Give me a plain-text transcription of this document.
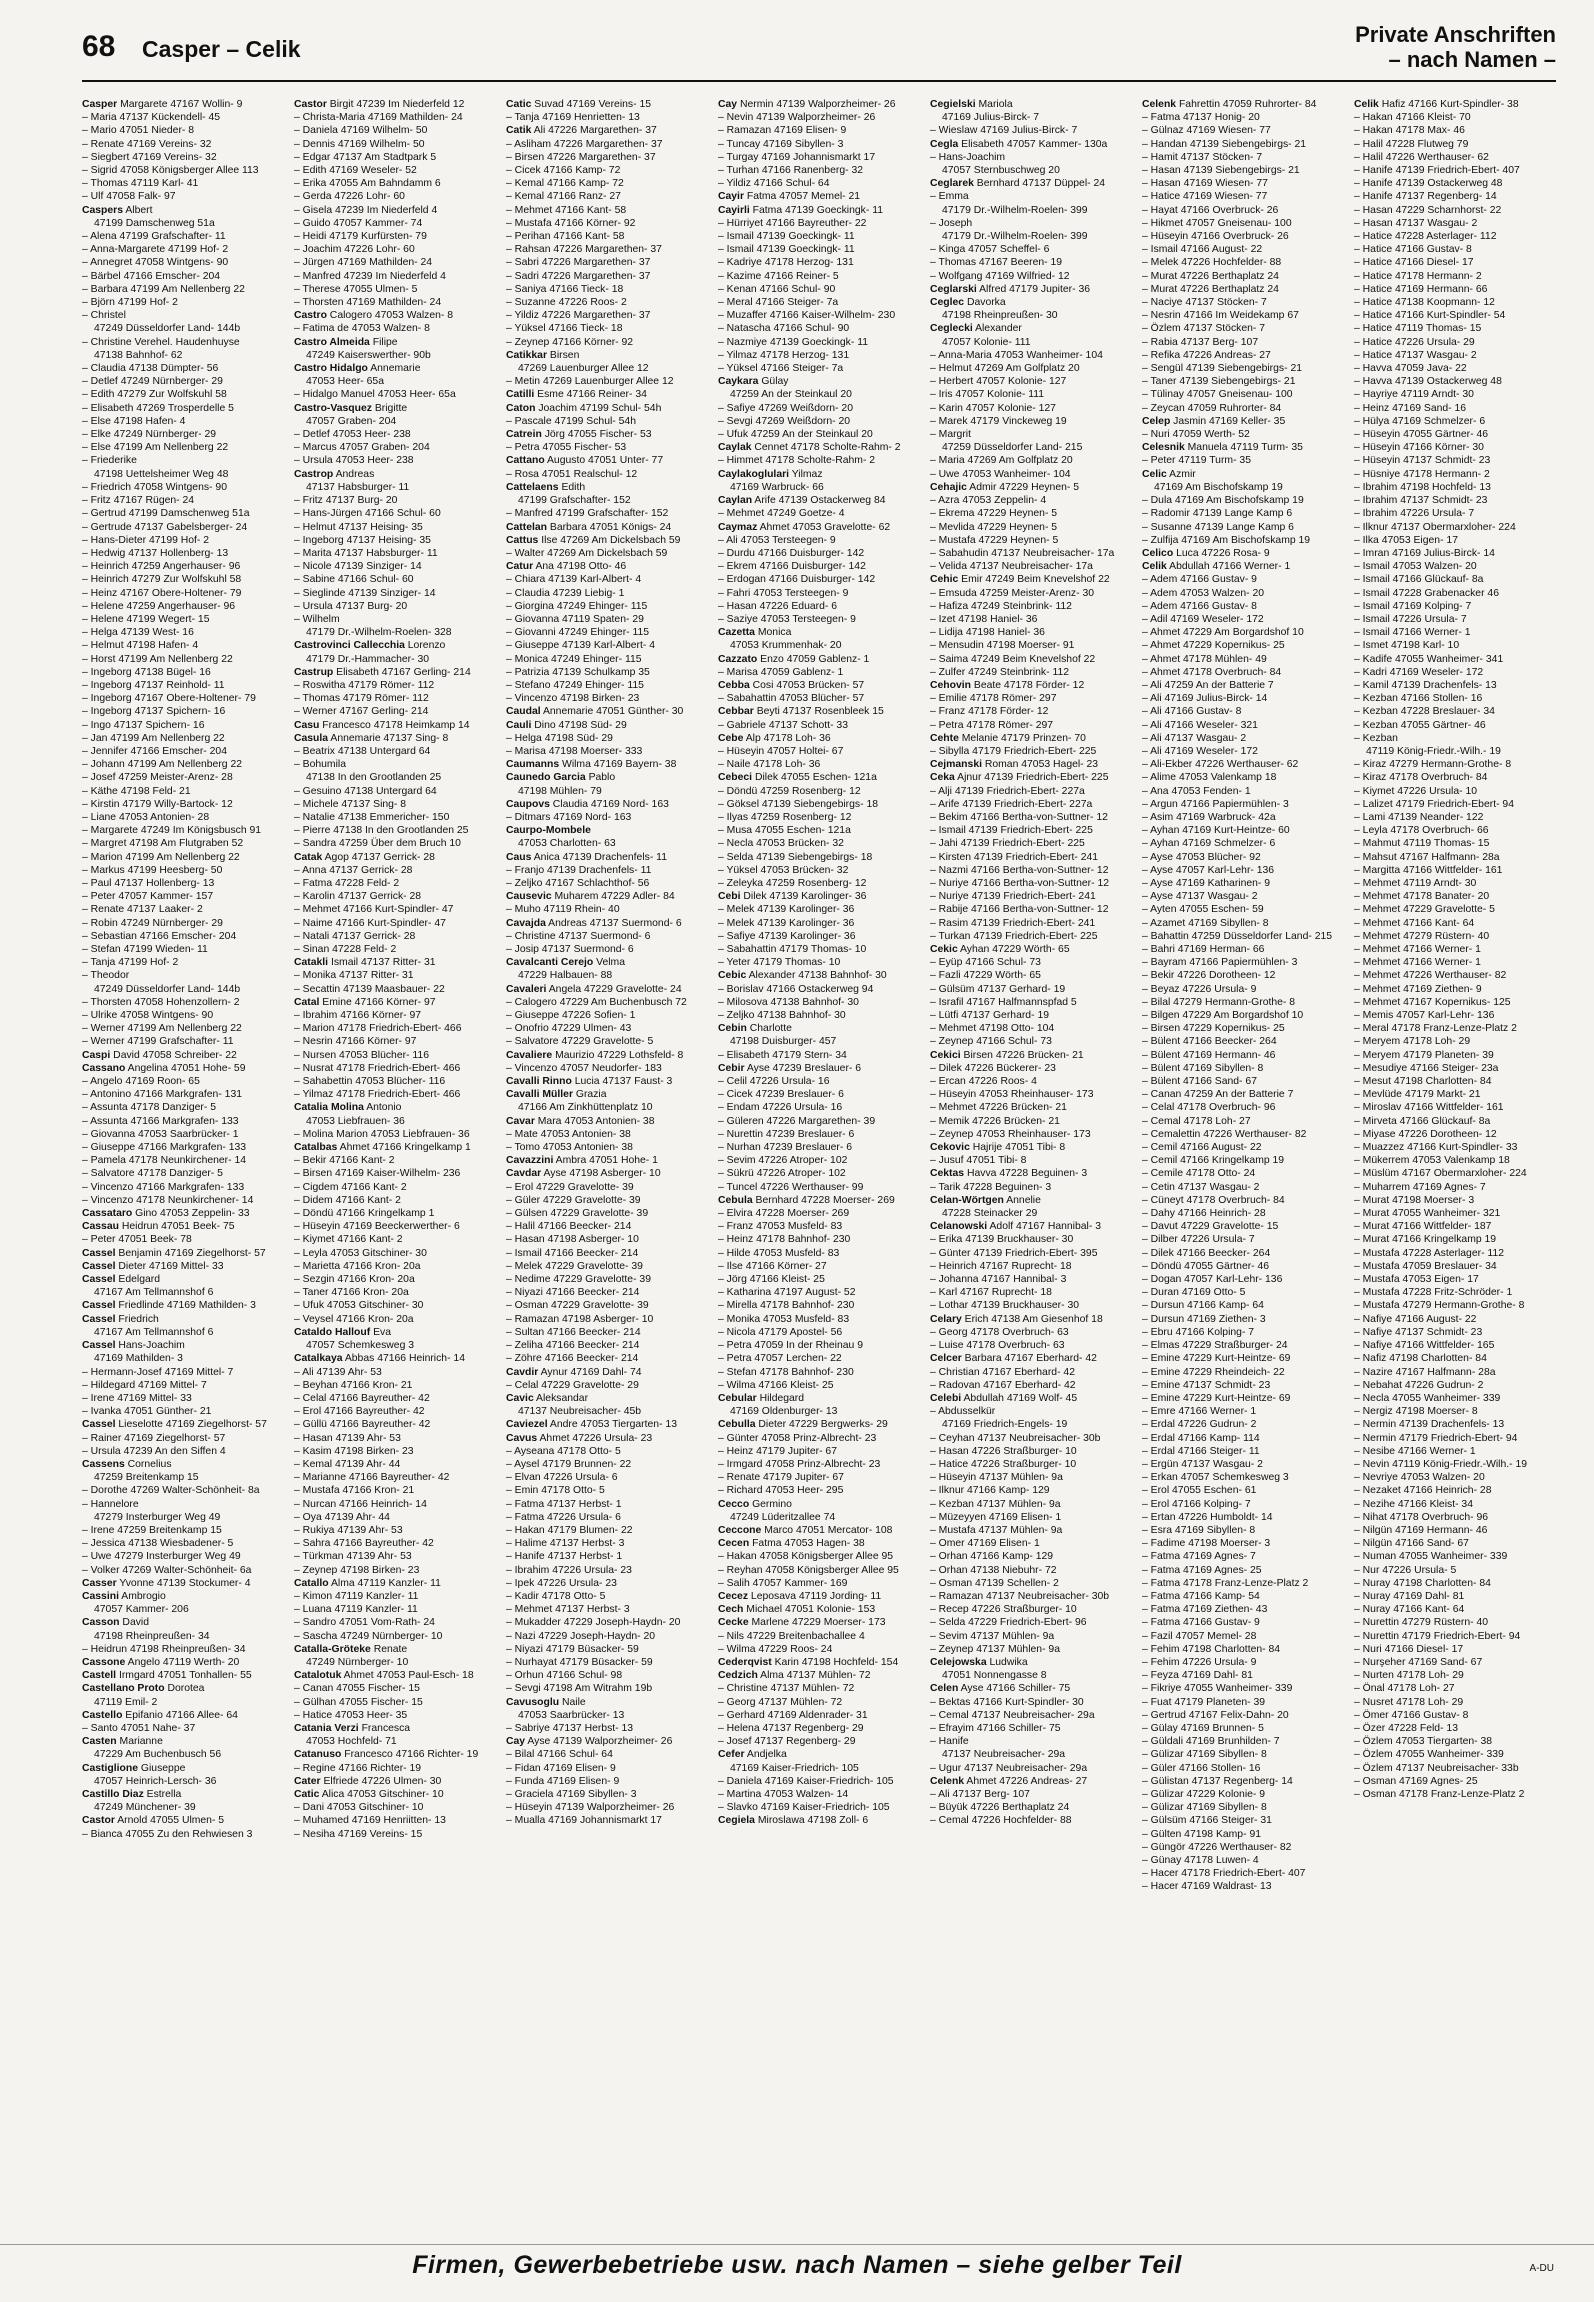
68 Casper – Celik
Private Anschriften
– nach Namen –
Casper Margarete 47167 Wollin- 9
– Maria 47137 Kückendell- 45
– Mario 47051 Nieder- 8
– Renate 47169 Vereins- 32
– Siegbert 47169 Vereins- 32
– Sigrid 47058 Königsberger Allee 113
– Thomas 47119 Karl- 41
– Ulf 47058 Falk- 97
Caspers Albert
47199 Damschenweg 51a
– Alena 47199 Grafschafter- 11
– Anna-Margarete 47199 Hof- 2
– Annegret 47058 Wintgens- 90
– Bärbel 47166 Emscher- 204
– Barbara 47199 Am Nellenberg 22
– Björn 47199 Hof- 2
– Christel
47249 Düsseldorfer Land- 144b
– Christine Verehel. Haudenhuyse
47138 Bahnhof- 62
– Claudia 47138 Dümpter- 56
– Detlef 47249 Nürnberger- 29
– Edith 47279 Zur Wolfskuhl 58
– Elisabeth 47269 Trosperdelle 5
– Else 47198 Hafen- 4
– Elke 47249 Nürnberger- 29
– Else 47199 Am Nellenberg 22
– Friederike
47198 Uettelsheimer Weg 48
– Friedrich 47058 Wintgens- 90
– Fritz 47167 Rügen- 24
– Gertrud 47199 Damschenweg 51a
– Gertrude 47137 Gabelsberger- 24
– Hans-Dieter 47199 Hof- 2
– Hedwig 47137 Hollenberg- 13
– Heinrich 47259 Angerhauser- 96
– Heinrich 47279 Zur Wolfskuhl 58
– Heinz 47167 Obere-Holtener- 79
– Helene 47259 Angerhauser- 96
– Helene 47199 Wegert- 15
– Helga 47139 West- 16
– Helmut 47198 Hafen- 4
– Horst 47199 Am Nellenberg 22
– Ingeborg 47138 Bügel- 16
– Ingeborg 47137 Reinhold- 11
– Ingeborg 47167 Obere-Holtener- 79
– Ingeborg 47137 Spichern- 16
– Ingo 47137 Spichern- 16
– Jan 47199 Am Nellenberg 22
– Jennifer 47166 Emscher- 204
– Johann 47199 Am Nellenberg 22
– Josef 47259 Meister-Arenz- 28
– Käthe 47198 Feld- 21
– Kirstin 47179 Willy-Bartock- 12
– Liane 47053 Antonien- 28
– Margarete 47249 Im Königsbusch 91
– Margret 47198 Am Flutgraben 52
– Marion 47199 Am Nellenberg 22
– Markus 47199 Heesberg- 50
– Paul 47137 Hollenberg- 13
– Peter 47057 Kammer- 157
– Renate 47137 Laaker- 2
– Robin 47249 Nürnberger- 29
– Sebastian 47166 Emscher- 204
– Stefan 47199 Wieden- 11
– Tanja 47199 Hof- 2
– Theodor
47249 Düsseldorfer Land- 144b
– Thorsten 47058 Hohenzollern- 2
– Ulrike 47058 Wintgens- 90
– Werner 47199 Am Nellenberg 22
– Werner 47199 Grafschafter- 11
Caspi David 47058 Schreiber- 22
Cassano Angelina 47051 Hohe- 59
– Angelo 47169 Roon- 65
– Antonino 47166 Markgrafen- 131
– Assunta 47178 Danziger- 5
– Assunta 47166 Markgrafen- 133
– Giovanna 47053 Saarbrücker- 1
– Giuseppe 47166 Markgrafen- 133
– Pamela 47178 Neunkirchener- 14
– Salvatore 47178 Danziger- 5
– Vincenzo 47166 Markgrafen- 133
– Vincenzo 47178 Neunkirchener- 14
Cassataro Gino 47053 Zeppelin- 33
Cassau Heidrun 47051 Beek- 75
– Peter 47051 Beek- 78
Cassel Benjamin 47169 Ziegelhorst- 57
Cassel Dieter 47169 Mittel- 33
Cassel Edelgard
47167 Am Tellmannshof 6
Cassel Friedlinde 47169 Mathilden- 3
Cassel Friedrich
47167 Am Tellmannshof 6
Cassel Hans-Joachim
47169 Mathilden- 3
– Hermann-Josef 47169 Mittel- 7
– Hildegard 47169 Mittel- 7
– Irene 47169 Mittel- 33
– Ivanka 47051 Günther- 21
Cassel Lieselotte 47169 Ziegelhorst- 57
– Rainer 47169 Ziegelhorst- 57
– Ursula 47239 An den Siffen 4
Cassens Cornelius
47259 Breitenkamp 15
– Dorothe 47269 Walter-Schönheit- 8a
– Hannelore
47279 Insterburger Weg 49
– Irene 47259 Breitenkamp 15
– Jessica 47138 Wiesbadener- 5
– Uwe 47279 Insterburger Weg 49
– Volker 47269 Walter-Schönheit- 6a
Casser Yvonne 47139 Stockumer- 4
Cassini Ambrogio
47057 Kammer- 206
Casson David
47198 Rheinpreußen- 34
– Heidrun 47198 Rheinpreußen- 34
Cassone Angelo 47119 Werth- 20
Castell Irmgard 47051 Tonhallen- 55
Castellano Proto Dorotea
47119 Emil- 2
Castello Epifanio 47166 Allee- 64
– Santo 47051 Nahe- 37
Casten Marianne
47229 Am Buchenbusch 56
Castiglione Giuseppe
47057 Heinrich-Lersch- 36
Castillo Diaz Estrella
47249 Münchener- 39
Castor Arnold 47055 Ulmen- 5
– Bianca 47055 Zu den Rehwiesen 3
Castor Birgit 47239 Im Niederfeld 12
– Christa-Maria 47169 Mathilden- 24
– Daniela 47169 Wilhelm- 50
– Dennis 47169 Wilhelm- 50
– Edgar 47137 Am Stadtpark 5
– Edith 47169 Weseler- 52
– Erika 47055 Am Bahndamm 6
– Gerda 47226 Lohr- 60
– Gisela 47239 Im Niederfeld 4
– Guido 47057 Kammer- 74
– Heidi 47179 Kurfürsten- 79
– Joachim 47226 Lohr- 60
– Jürgen 47169 Mathilden- 24
– Manfred 47239 Im Niederfeld 4
– Therese 47055 Ulmen- 5
– Thorsten 47169 Mathilden- 24
Castro Calogero 47053 Walzen- 8
– Fatima de 47053 Walzen- 8
Castro Almeida Filipe
47249 Kaiserswerther- 90b
Castro Hidalgo Annemarie
47053 Heer- 65a
– Hidalgo Manuel 47053 Heer- 65a
Castro-Vasquez Brigitte
47057 Graben- 204
– Detlef 47053 Heer- 238
– Marcus 47057 Graben- 204
– Ursula 47053 Heer- 238
Castrop Andreas
47137 Habsburger- 11
– Fritz 47137 Burg- 20
– Hans-Jürgen 47166 Schul- 60
– Helmut 47137 Heising- 35
– Ingeborg 47137 Heising- 35
– Marita 47137 Habsburger- 11
– Nicole 47139 Sinziger- 14
– Sabine 47166 Schul- 60
– Sieglinde 47139 Sinziger- 14
– Ursula 47137 Burg- 20
– Wilhelm
47179 Dr.-Wilhelm-Roelen- 328
Castrovinci Callecchia Lorenzo
47179 Dr.-Hammacher- 30
Castrup Elisabeth 47167 Gerling- 214
– Roswitha 47179 Römer- 112
– Thomas 47179 Römer- 112
– Werner 47167 Gerling- 214
Casu Francesco 47178 Heimkamp 14
Casula Annemarie 47137 Sing- 8
– Beatrix 47138 Untergard 64
– Bohumila
47138 In den Grootlanden 25
– Gesuino 47138 Untergard 64
– Michele 47137 Sing- 8
– Natalie 47138 Emmericher- 150
– Pierre 47138 In den Grootlanden 25
– Sandra 47259 Über dem Bruch 10
Catak Agop 47137 Gerrick- 28
– Anna 47137 Gerrick- 28
– Fatma 47228 Feld- 2
– Karolin 47137 Gerrick- 28
– Mehmet 47166 Kurt-Spindler- 47
– Naime 47166 Kurt-Spindler- 47
– Natali 47137 Gerrick- 28
– Sinan 47228 Feld- 2
Catakli Ismail 47137 Ritter- 31
– Monika 47137 Ritter- 31
– Secattin 47139 Maasbauer- 22
Catal Emine 47166 Körner- 97
– Ibrahim 47166 Körner- 97
– Marion 47178 Friedrich-Ebert- 466
– Nesrin 47166 Körner- 97
– Nursen 47053 Blücher- 116
– Nusrat 47178 Friedrich-Ebert- 466
– Sahabettin 47053 Blücher- 116
– Yilmaz 47178 Friedrich-Ebert- 466
Catalia Molina Antonio
47053 Liebfrauen- 36
– Molina Marion 47053 Liebfrauen- 36
Catalbas Ahmet 47166 Kringelkamp 1
– Bekir 47166 Kant- 2
– Birsen 47169 Kaiser-Wilhelm- 236
– Cigdem 47166 Kant- 2
– Didem 47166 Kant- 2
– Döndü 47166 Kringelkamp 1
– Hüseyin 47169 Beeckerwerther- 6
– Kiymet 47166 Kant- 2
– Leyla 47053 Gitschiner- 30
– Marietta 47166 Kron- 20a
– Sezgin 47166 Kron- 20a
– Taner 47166 Kron- 20a
– Ufuk 47053 Gitschiner- 30
– Veysel 47166 Kron- 20a
Cataldo Hallouf Eva
47057 Schemkesweg 3
Catalkaya Abbas 47166 Heinrich- 14
– Ali 47139 Ahr- 53
– Beyhan 47166 Kron- 21
– Celal 47166 Bayreuther- 42
– Erol 47166 Bayreuther- 42
– Güllü 47166 Bayreuther- 42
– Hasan 47139 Ahr- 53
– Kasim 47198 Birken- 23
– Kemal 47139 Ahr- 44
– Marianne 47166 Bayreuther- 42
– Mustafa 47166 Kron- 21
– Nurcan 47166 Heinrich- 14
– Oya 47139 Ahr- 44
– Rukiya 47139 Ahr- 53
– Sahra 47166 Bayreuther- 42
– Türkman 47139 Ahr- 53
– Zeynep 47198 Birken- 23
Catallo Alma 47119 Kanzler- 11
– Kimon 47119 Kanzler- 11
– Luana 47119 Kanzler- 11
– Sandro 47051 Vom-Rath- 24
– Sascha 47249 Nürnberger- 10
Catalla-Gröteke Renate
47249 Nürnberger- 10
Catalotuk Ahmet 47053 Paul-Esch- 18
– Canan 47055 Fischer- 15
– Gülhan 47055 Fischer- 15
– Hatice 47053 Heer- 35
Catania Verzi Francesca
47053 Hochfeld- 71
Catanuso Francesco 47166 Richter- 19
– Regine 47166 Richter- 19
Cater Elfriede 47226 Ulmen- 30
Catic Alica 47053 Gitschiner- 10
– Dani 47053 Gitschiner- 10
– Muhamed 47169 Henriitten- 13
– Nesiha 47169 Vereins- 15
Catic Suvad 47169 Vereins- 15
– Tanja 47169 Henrietten- 13
Catik Ali 47226 Margarethen- 37
– Asliham 47226 Margarethen- 37
– Birsen 47226 Margarethen- 37
– Cicek 47166 Kamp- 72
– Kemal 47166 Kamp- 72
– Kemal 47166 Ranz- 27
– Mehmet 47166 Kant- 58
– Mustafa 47166 Körner- 92
– Perihan 47166 Kant- 58
– Rahsan 47226 Margarethen- 37
– Sabri 47226 Margarethen- 37
– Sadri 47226 Margarethen- 37
– Saniya 47166 Tieck- 18
– Suzanne 47226 Roos- 2
– Yildiz 47226 Margarethen- 37
– Yüksel 47166 Tieck- 18
– Zeynep 47166 Körner- 92
Catikkar Birsen
47269 Lauenburger Allee 12
– Metin 47269 Lauenburger Allee 12
Catilli Esme 47166 Reiner- 34
Caton Joachim 47199 Schul- 54h
– Pascale 47199 Schul- 54h
Catrein Jörg 47055 Fischer- 53
– Petra 47055 Fischer- 53
Cattano Augusto 47051 Unter- 77
– Rosa 47051 Realschul- 12
Cattelaens Edith
47199 Grafschafter- 152
– Manfred 47199 Grafschafter- 152
Cattelan Barbara 47051 Königs- 24
Cattus Ilse 47269 Am Dickelsbach 59
– Walter 47269 Am Dickelsbach 59
Catur Ana 47198 Otto- 46
– Chiara 47139 Karl-Albert- 4
– Claudia 47239 Liebig- 1
– Giorgina 47249 Ehinger- 115
– Giovanna 47119 Spaten- 29
– Giovanni 47249 Ehinger- 115
– Giuseppe 47139 Karl-Albert- 4
– Monica 47249 Ehinger- 115
– Patrizia 47139 Schulkamp 35
– Stefano 47249 Ehinger- 115
– Vincenzo 47198 Birken- 23
Caudal Annemarie 47051 Günther- 30
Cauli Dino 47198 Süd- 29
– Helga 47198 Süd- 29
– Marisa 47198 Moerser- 333
Caumanns Wilma 47169 Bayern- 38
Caunedo Garcia Pablo
47198 Mühlen- 79
Caupovs Claudia 47169 Nord- 163
– Ditmars 47169 Nord- 163
Caurpo-Mombele
47053 Charlotten- 63
Caus Anica 47139 Drachenfels- 11
– Franjo 47139 Drachenfels- 11
– Zeljko 47167 Schlachthof- 56
Causevic Muharem 47229 Adler- 84
– Muho 47119 Rhein- 40
Cavajda Andreas 47137 Suermond- 6
– Christine 47137 Suermond- 6
– Josip 47137 Suermond- 6
Cavalcanti Cerejo Velma
47229 Halbauen- 88
Cavaleri Angela 47229 Gravelotte- 24
– Calogero 47229 Am Buchenbusch 72
– Giuseppe 47226 Sofien- 1
– Onofrio 47229 Ulmen- 43
– Salvatore 47229 Gravelotte- 5
Cavaliere Maurizio 47229 Lothsfeld- 8
– Vincenzo 47057 Neudorfer- 183
Cavalli Rinno Lucia 47137 Faust- 3
Cavalli Müller Grazia
47166 Am Zinkhüttenplatz 10
Cavar Mara 47053 Antonien- 38
– Mate 47053 Antonien- 38
– Tomo 47053 Antonien- 38
Cavazzini Ambra 47051 Hohe- 1
Cavdar Ayse 47198 Asberger- 10
– Erol 47229 Gravelotte- 39
– Güler 47229 Gravelotte- 39
– Gülsen 47229 Gravelotte- 39
– Halil 47166 Beecker- 214
– Hasan 47198 Asberger- 10
– Ismail 47166 Beecker- 214
– Melek 47229 Gravelotte- 39
– Nedime 47229 Gravelotte- 39
– Niyazi 47166 Beecker- 214
– Osman 47229 Gravelotte- 39
– Ramazan 47198 Asberger- 10
– Sultan 47166 Beecker- 214
– Zeliha 47166 Beecker- 214
– Zöhre 47166 Beecker- 214
Cavdir Aynur 47169 Dahl- 74
– Celal 47229 Gravelotte- 29
Cavic Aleksandar
47137 Neubreisacher- 45b
Caviezel Andre 47053 Tiergarten- 13
Cavus Ahmet 47226 Ursula- 23
– Ayseana 47178 Otto- 5
– Aysel 47179 Brunnen- 22
– Elvan 47226 Ursula- 6
– Emin 47178 Otto- 5
– Fatma 47137 Herbst- 1
– Fatma 47226 Ursula- 6
– Hakan 47179 Blumen- 22
– Halime 47137 Herbst- 3
– Hanife 47137 Herbst- 1
– Ibrahim 47226 Ursula- 23
– Ipek 47226 Ursula- 23
– Kadir 47178 Otto- 5
– Mehmet 47137 Herbst- 3
– Mukadder 47229 Joseph-Haydn- 20
– Nazi 47229 Joseph-Haydn- 20
– Niyazi 47179 Büsacker- 59
– Nurhayat 47179 Büsacker- 59
– Orhun 47166 Schul- 98
– Sevgi 47198 Am Witrahm 19b
Cavusoglu Naile
47053 Saarbrücker- 13
– Sabriye 47137 Herbst- 13
Cay Ayse 47139 Walporzheimer- 26
– Bilal 47166 Schul- 64
– Fidan 47169 Elisen- 9
– Funda 47169 Elisen- 9
– Graciela 47169 Sibyllen- 3
– Hüseyin 47139 Walporzheimer- 26
– Mualla 47169 Johannismarkt 17
Cay Nermin 47139 Walporzheimer- 26
– Nevin 47139 Walporzheimer- 26
– Ramazan 47169 Elisen- 9
– Tuncay 47169 Sibyllen- 3
– Turgay 47169 Johannismarkt 17
– Turhan 47166 Ranenberg- 32
– Yildiz 47166 Schul- 64
Cayir Fatma 47057 Memel- 21
Cayirli Fatma 47139 Goeckingk- 11
– Hürriyet 47166 Bayreuther- 22
– Ismail 47139 Goeckingk- 11
– Ismail 47139 Goeckingk- 11
– Kadriye 47178 Herzog- 131
– Kazime 47166 Reiner- 5
– Kenan 47166 Schul- 90
– Meral 47166 Steiger- 7a
– Muzaffer 47166 Kaiser-Wilhelm- 230
– Natascha 47166 Schul- 90
– Nazmiye 47139 Goeckingk- 11
– Yilmaz 47178 Herzog- 131
– Yüksel 47166 Steiger- 7a
Caykara Gülay
47259 An der Steinkaul 20
– Safiye 47269 Weißdorn- 20
– Sevgi 47269 Weißdorn- 20
– Ufuk 47259 An der Steinkaul 20
Caylak Cennet 47178 Scholte-Rahm- 2
– Himmet 47178 Scholte-Rahm- 2
Caylakoglulari Yilmaz
47169 Warbruck- 66
Caylan Arife 47139 Ostackerweg 84
– Mehmet 47249 Goetze- 4
Caymaz Ahmet 47053 Gravelotte- 62
– Ali 47053 Tersteegen- 9
– Durdu 47166 Duisburger- 142
– Ekrem 47166 Duisburger- 142
– Erdogan 47166 Duisburger- 142
– Fahri 47053 Tersteegen- 9
– Hasan 47226 Eduard- 6
– Saziye 47053 Tersteegen- 9
Cazetta Monica
47053 Krummenhak- 20
Cazzato Enzo 47059 Gablenz- 1
– Marisa 47059 Gablenz- 1
Cebba Cosi 47053 Brücken- 57
– Sabahattin 47053 Blücher- 57
Cebbar Beyti 47137 Rosenbleek 15
– Gabriele 47137 Schott- 33
Cebe Alp 47178 Loh- 36
– Hüseyin 47057 Holtei- 67
– Naile 47178 Loh- 36
Cebeci Dilek 47055 Eschen- 121a
– Döndü 47259 Rosenberg- 12
– Göksel 47139 Siebengebirgs- 18
– Ilyas 47259 Rosenberg- 12
– Musa 47055 Eschen- 121a
– Necla 47053 Brücken- 32
– Selda 47139 Siebengebirgs- 18
– Yüksel 47053 Brücken- 32
– Zeleyka 47259 Rosenberg- 12
Cebi Dilek 47139 Karolinger- 36
– Melek 47139 Karolinger- 36
– Melek 47139 Karolinger- 36
– Safiye 47139 Karolinger- 36
– Sabahattin 47179 Thomas- 10
– Yeter 47179 Thomas- 10
Cebic Alexander 47138 Bahnhof- 30
– Borislav 47166 Ostackerweg 94
– Milosova 47138 Bahnhof- 30
– Zeljko 47138 Bahnhof- 30
Cebin Charlotte
47198 Duisburger- 457
– Elisabeth 47179 Stern- 34
Cebir Ayse 47239 Breslauer- 6
– Celil 47226 Ursula- 16
– Cicek 47239 Breslauer- 6
– Endam 47226 Ursula- 16
– Güleren 47226 Margarethen- 39
– Nurettin 47239 Breslauer- 6
– Nurhan 47239 Breslauer- 6
– Sevim 47226 Atroper- 102
– Sükrü 47226 Atroper- 102
– Tuncel 47226 Werthauser- 99
Cebula Bernhard 47228 Moerser- 269
– Elvira 47228 Moerser- 269
– Franz 47053 Musfeld- 83
– Heinz 47178 Bahnhof- 230
– Hilde 47053 Musfeld- 83
– Ilse 47166 Körner- 27
– Jörg 47166 Kleist- 25
– Katharina 47197 August- 52
– Mirella 47178 Bahnhof- 230
– Monika 47053 Musfeld- 83
– Nicola 47179 Apostel- 56
– Petra 47059 In der Rheinau 9
– Petra 47057 Lerchen- 22
– Stefan 47178 Bahnhof- 230
– Wilma 47166 Kleist- 25
Cebular Hildegard
47169 Oldenburger- 13
Cebulla Dieter 47229 Bergwerks- 29
– Günter 47058 Prinz-Albrecht- 23
– Heinz 47179 Jupiter- 67
– Irmgard 47058 Prinz-Albrecht- 23
– Renate 47179 Jupiter- 67
– Richard 47053 Heer- 295
Cecco Germino
47249 Lüderitzallee 74
Ceccone Marco 47051 Mercator- 108
Cecen Fatma 47053 Hagen- 38
– Hakan 47058 Königsberger Allee 95
– Reyhan 47058 Königsberger Allee 95
– Salih 47057 Kammer- 169
Cecez Leposava 47119 Jording- 11
Cech Michael 47051 Kolonie- 153
Cecke Marlene 47229 Moerser- 173
– Nils 47229 Breitenbachallee 4
– Wilma 47229 Roos- 24
Cederqvist Karin 47198 Hochfeld- 154
Cedzich Alma 47137 Mühlen- 72
– Christine 47137 Mühlen- 72
– Georg 47137 Mühlen- 72
– Gerhard 47169 Aldenrader- 31
– Helena 47137 Regenberg- 29
– Josef 47137 Regenberg- 29
Cefer Andjelka
47169 Kaiser-Friedrich- 105
– Daniela 47169 Kaiser-Friedrich- 105
– Martina 47053 Walzen- 14
– Slavko 47169 Kaiser-Friedrich- 105
Cegiela Miroslawa 47198 Zoll- 6
Cegielski Mariola
47169 Julius-Birck- 7
– Wieslaw 47169 Julius-Birck- 7
Cegla Elisabeth 47057 Kammer- 130a
– Hans-Joachim
47057 Sternbuschweg 20
Ceglarek Bernhard 47137 Düppel- 24
– Emma
47179 Dr.-Wilhelm-Roelen- 399
– Joseph
47179 Dr.-Wilhelm-Roelen- 399
– Kinga 47057 Scheffel- 6
– Thomas 47167 Beeren- 19
– Wolfgang 47169 Wilfried- 12
Ceglarski Alfred 47179 Jupiter- 36
Ceglec Davorka
47198 Rheinpreußen- 30
Ceglecki Alexander
47057 Kolonie- 111
– Anna-Maria 47053 Wanheimer- 104
– Helmut 47269 Am Golfplatz 20
– Herbert 47057 Kolonie- 127
– Iris 47057 Kolonie- 111
– Karin 47057 Kolonie- 127
– Marek 47179 Vinckeweg 19
– Margrit
47259 Düsseldorfer Land- 215
– Maria 47269 Am Golfplatz 20
– Uwe 47053 Wanheimer- 104
Cehajic Admir 47229 Heynen- 5
– Azra 47053 Zeppelin- 4
– Ekrema 47229 Heynen- 5
– Mevlida 47229 Heynen- 5
– Mustafa 47229 Heynen- 5
– Sabahudin 47137 Neubreisacher- 17a
– Velida 47137 Neubreisacher- 17a
Cehic Emir 47249 Beim Knevelshof 22
– Emsuda 47259 Meister-Arenz- 30
– Hafiza 47249 Steinbrink- 112
– Izet 47198 Haniel- 36
– Lidija 47198 Haniel- 36
– Mensudin 47198 Moerser- 91
– Saima 47249 Beim Knevelshof 22
– Zulfer 47249 Steinbrink- 112
Cehovin Beate 47178 Förder- 12
– Emilie 47178 Römer- 297
– Franz 47178 Förder- 12
– Petra 47178 Römer- 297
Cehte Melanie 47179 Prinzen- 70
– Sibylla 47179 Friedrich-Ebert- 225
Cejmanski Roman 47053 Hagel- 23
Ceka Ajnur 47139 Friedrich-Ebert- 225
– Alji 47139 Friedrich-Ebert- 227a
– Arife 47139 Friedrich-Ebert- 227a
– Bekim 47166 Bertha-von-Suttner- 12
– Ismail 47139 Friedrich-Ebert- 225
– Jahi 47139 Friedrich-Ebert- 225
– Kirsten 47139 Friedrich-Ebert- 241
– Nazmi 47166 Bertha-von-Suttner- 12
– Nuriye 47166 Bertha-von-Suttner- 12
– Nuriye 47139 Friedrich-Ebert- 241
– Rabije 47166 Bertha-von-Suttner- 12
– Rasim 47139 Friedrich-Ebert- 241
– Turkan 47139 Friedrich-Ebert- 225
Cekic Ayhan 47229 Wörth- 65
– Eyüp 47166 Schul- 73
– Fazli 47229 Wörth- 65
– Gülsüm 47137 Gerhard- 19
– Israfil 47167 Halfmannspfad 5
– Lütfi 47137 Gerhard- 19
– Mehmet 47198 Otto- 104
– Zeynep 47166 Schul- 73
Cekici Birsen 47226 Brücken- 21
– Dilek 47226 Bückerer- 23
– Ercan 47226 Roos- 4
– Hüseyin 47053 Rheinhauser- 173
– Mehmet 47226 Brücken- 21
– Memik 47226 Brücken- 21
– Zeynep 47053 Rheinhauser- 173
Cekovic Hajrije 47051 Tibi- 8
– Jusuf 47051 Tibi- 8
Cektas Havva 47228 Beguinen- 3
– Tarik 47228 Beguinen- 3
Celan-Wörtgen Annelie
47228 Steinacker 29
Celanowski Adolf 47167 Hannibal- 3
– Erika 47139 Bruckhauser- 30
– Günter 47139 Friedrich-Ebert- 395
– Heinrich 47167 Ruprecht- 18
– Johanna 47167 Hannibal- 3
– Karl 47167 Ruprecht- 18
– Lothar 47139 Bruckhauser- 30
Celary Erich 47138 Am Giesenhof 18
– Georg 47178 Overbruch- 63
– Luise 47178 Overbruch- 63
Celcer Barbara 47167 Eberhard- 42
– Christian 47167 Eberhard- 42
– Radovan 47167 Eberhard- 42
Celebi Abdullah 47169 Wolf- 45
– Abdusselkür
47169 Friedrich-Engels- 19
– Ceyhan 47137 Neubreisacher- 30b
– Hasan 47226 Straßburger- 10
– Hatice 47226 Straßburger- 10
– Hüseyin 47137 Mühlen- 9a
– Ilknur 47166 Kamp- 129
– Kezban 47137 Mühlen- 9a
– Müzeyyen 47169 Elisen- 1
– Mustafa 47137 Mühlen- 9a
– Omer 47169 Elisen- 1
– Orhan 47166 Kamp- 129
– Orhan 47138 Niebuhr- 72
– Osman 47139 Schellen- 2
– Ramazan 47137 Neubreisacher- 30b
– Recep 47226 Straßburger- 10
– Selda 47229 Friedrich-Ebert- 96
– Sevim 47137 Mühlen- 9a
– Zeynep 47137 Mühlen- 9a
Celejowska Ludwika
47051 Nonnengasse 8
Celen Ayse 47166 Schiller- 75
– Bektas 47166 Kurt-Spindler- 30
– Cemal 47137 Neubreisacher- 29a
– Efrayim 47166 Schiller- 75
– Hanife
47137 Neubreisacher- 29a
– Ugur 47137 Neubreisacher- 29a
Celenk Ahmet 47226 Andreas- 27
– Ali 47137 Berg- 107
– Büyük 47226 Berthaplatz 24
– Cemal 47226 Hochfelder- 88
Celenk Fahrettin 47059 Ruhrorter- 84
– Fatma 47137 Honig- 20
– Gülnaz 47169 Wiesen- 77
– Handan 47139 Siebengebirgs- 21
– Hamit 47137 Stöcken- 7
– Hasan 47139 Siebengebirgs- 21
– Hasan 47169 Wiesen- 77
– Hatice 47169 Wiesen- 77
– Hayat 47166 Overbruck- 26
– Hikmet 47057 Gneisenau- 100
– Hüseyin 47166 Overbruck- 26
– Ismail 47166 August- 22
– Melek 47226 Hochfelder- 88
– Murat 47226 Berthaplatz 24
– Murat 47226 Berthaplatz 24
– Naciye 47137 Stöcken- 7
– Nesrin 47166 Im Weidekamp 67
– Özlem 47137 Stöcken- 7
– Rabia 47137 Berg- 107
– Refika 47226 Andreas- 27
– Sengül 47139 Siebengebirgs- 21
– Taner 47139 Siebengebirgs- 21
– Tülinay 47057 Gneisenau- 100
– Zeycan 47059 Ruhrorter- 84
Celep Jasmin 47169 Keller- 35
– Nuri 47059 Werth- 52
Celesnik Manuela 47119 Turm- 35
– Peter 47119 Turm- 35
Celic Azmir
47169 Am Bischofskamp 19
– Dula 47169 Am Bischofskamp 19
– Radomir 47139 Lange Kamp 6
– Susanne 47139 Lange Kamp 6
– Zulfija 47169 Am Bischofskamp 19
Celico Luca 47226 Rosa- 9
Celik Abdullah 47166 Werner- 1
– Adem 47166 Gustav- 9
– Adem 47053 Walzen- 20
– Adem 47166 Gustav- 8
– Adil 47169 Weseler- 172
– Ahmet 47229 Am Borgardshof 10
– Ahmet 47229 Kopernikus- 25
– Ahmet 47178 Mühlen- 49
– Ahmet 47178 Overbruch- 84
– Ali 47259 An der Batterie 7
– Ali 47169 Julius-Birck- 14
– Ali 47166 Gustav- 8
– Ali 47166 Weseler- 321
– Ali 47137 Wasgau- 2
– Ali 47169 Weseler- 172
– Ali-Ekber 47226 Werthauser- 62
– Alime 47053 Valenkamp 18
– Ana 47053 Fenden- 1
– Argun 47166 Papiermühlen- 3
– Asim 47169 Warbruck- 42a
– Ayhan 47169 Kurt-Heintze- 60
– Ayhan 47169 Schmelzer- 6
– Ayse 47053 Blücher- 92
– Ayse 47057 Karl-Lehr- 136
– Ayse 47169 Katharinen- 9
– Ayse 47137 Wasgau- 2
– Ayten 47055 Eschen- 59
– Azamet 47169 Sibyllen- 8
– Bahattin 47259 Düsseldorfer Land- 215
– Bahri 47169 Herman- 66
– Bayram 47166 Papiermühlen- 3
– Bekir 47226 Dorotheen- 12
– Beyaz 47226 Ursula- 9
– Bilal 47279 Hermann-Grothe- 8
– Bilgen 47229 Am Borgardshof 10
– Birsen 47229 Kopernikus- 25
– Bülent 47166 Beecker- 264
– Bülent 47169 Hermann- 46
– Bülent 47169 Sibyllen- 8
– Bülent 47166 Sand- 67
– Canan 47259 An der Batterie 7
– Celal 47178 Overbruch- 96
– Cemal 47178 Loh- 27
– Cemalettin 47226 Werthauser- 82
– Cemil 47166 August- 22
– Cemil 47166 Kringelkamp 19
– Cemile 47178 Otto- 24
– Cetin 47137 Wasgau- 2
– Cüneyt 47178 Overbruch- 84
– Dahy 47166 Heinrich- 28
– Davut 47229 Gravelotte- 15
– Dilber 47226 Ursula- 7
– Dilek 47166 Beecker- 264
– Döndü 47055 Gärtner- 46
– Dogan 47057 Karl-Lehr- 136
– Duran 47169 Otto- 5
– Dursun 47166 Kamp- 64
– Dursun 47169 Ziethen- 3
– Ebru 47166 Kolping- 7
– Elmas 47229 Straßburger- 24
– Emine 47229 Kurt-Heintze- 69
– Emine 47229 Rheindeich- 22
– Emine 47137 Schmidt- 23
– Emine 47229 Kurt-Heintze- 69
– Emre 47166 Werner- 1
– Erdal 47226 Gudrun- 2
– Erdal 47166 Kamp- 114
– Erdal 47166 Steiger- 11
– Ergün 47137 Wasgau- 2
– Erkan 47057 Schemkesweg 3
– Erol 47055 Eschen- 61
– Erol 47166 Kolping- 7
– Ertan 47226 Humboldt- 14
– Esra 47169 Sibyllen- 8
– Fadime 47198 Moerser- 3
– Fatma 47169 Agnes- 7
– Fatma 47169 Agnes- 25
– Fatma 47178 Franz-Lenze-Platz 2
– Fatma 47166 Kamp- 54
– Fatma 47169 Ziethen- 43
– Fatma 47166 Gustav- 9
– Fazil 47057 Memel- 28
– Fehim 47198 Charlotten- 84
– Fehim 47226 Ursula- 9
– Feyza 47169 Dahl- 81
– Fikriye 47055 Wanheimer- 339
– Fuat 47179 Planeten- 39
– Gertrud 47167 Felix-Dahn- 20
– Gülay 47169 Brunnen- 5
– Güldali 47169 Brunhilden- 7
– Gülizar 47169 Sibyllen- 8
– Güler 47166 Stollen- 16
– Gülistan 47137 Regenberg- 14
– Gülizar 47229 Kolonie- 9
– Gülizar 47169 Sibyllen- 8
– Gülsüm 47166 Steiger- 31
– Gülten 47198 Kamp- 91
– Güngör 47226 Werthauser- 82
– Günay 47178 Luwen- 4
– Hacer 47178 Friedrich-Ebert- 407
– Hacer 47169 Waldrast- 13
Celik Hafiz 47166 Kurt-Spindler- 38
– Hakan 47166 Kleist- 70
– Hakan 47178 Max- 46
– Halil 47228 Flutweg 79
– Halil 47226 Werthauser- 62
– Hanife 47139 Friedrich-Ebert- 407
– Hanife 47139 Ostackerweg 48
– Hanife 47137 Regenberg- 14
– Hasan 47229 Scharnhorst- 22
– Hasan 47137 Wasgau- 2
– Hatice 47228 Asterlager- 112
– Hatice 47166 Gustav- 8
– Hatice 47166 Diesel- 17
– Hatice 47178 Hermann- 2
– Hatice 47169 Hermann- 66
– Hatice 47138 Koopmann- 12
– Hatice 47166 Kurt-Spindler- 54
– Hatice 47119 Thomas- 15
– Hatice 47226 Ursula- 29
– Hatice 47137 Wasgau- 2
– Havva 47059 Java- 22
– Havva 47139 Ostackerweg 48
– Hayriye 47119 Arndt- 30
– Heinz 47169 Sand- 16
– Hülya 47169 Schmelzer- 6
– Hüseyin 47055 Gärtner- 46
– Hüseyin 47166 Körner- 30
– Hüseyin 47137 Schmidt- 23
– Hüsniye 47178 Hermann- 2
– Ibrahim 47198 Hochfeld- 13
– Ibrahim 47137 Schmidt- 23
– Ibrahim 47226 Ursula- 7
– Ilknur 47137 Obermarxloher- 224
– Ilka 47053 Eigen- 17
– Imran 47169 Julius-Birck- 14
– Ismail 47053 Walzen- 20
– Ismail 47166 Glückauf- 8a
– Ismail 47228 Grabenacker 46
– Ismail 47169 Kolping- 7
– Ismail 47226 Ursula- 7
– Ismail 47166 Werner- 1
– Ismet 47198 Karl- 10
– Kadife 47055 Wanheimer- 341
– Kadri 47169 Weseler- 172
– Kamil 47139 Drachenfels- 13
– Kezban 47166 Stollen- 16
– Kezban 47228 Breslauer- 34
– Kezban 47055 Gärtner- 46
– Kezban
47119 König-Friedr.-Wilh.- 19
– Kiraz 47279 Hermann-Grothe- 8
– Kiraz 47178 Overbruch- 84
– Kiymet 47226 Ursula- 10
– Lalizet 47179 Friedrich-Ebert- 94
– Lami 47139 Neander- 122
– Leyla 47178 Overbruch- 66
– Mahmut 47119 Thomas- 15
– Mahsut 47167 Halfmann- 28a
– Margitta 47166 Wittfelder- 161
– Mehmet 47119 Arndt- 30
– Mehmet 47178 Banater- 20
– Mehmet 47229 Gravelotte- 5
– Mehmet 47166 Kant- 64
– Mehmet 47279 Rüstern- 40
– Mehmet 47166 Werner- 1
– Mehmet 47166 Werner- 1
– Mehmet 47226 Werthauser- 82
– Mehmet 47169 Ziethen- 9
– Mehmet 47167 Kopernikus- 125
– Memis 47057 Karl-Lehr- 136
– Meral 47178 Franz-Lenze-Platz 2
– Meryem 47178 Loh- 29
– Meryem 47179 Planeten- 39
– Mesudiye 47166 Steiger- 23a
– Mesut 47198 Charlotten- 84
– Mevlüde 47179 Markt- 21
– Miroslav 47166 Wittfelder- 161
– Mirveta 47166 Glückauf- 8a
– Miyase 47226 Dorotheen- 12
– Muazzez 47166 Kurt-Spindler- 33
– Mükerrem 47053 Valenkamp 18
– Müslüm 47167 Obermarxloher- 224
– Muharrem 47169 Agnes- 7
– Murat 47198 Moerser- 3
– Murat 47055 Wanheimer- 321
– Murat 47166 Wittfelder- 187
– Murat 47166 Kringelkamp 19
– Mustafa 47228 Asterlager- 112
– Mustafa 47059 Breslauer- 34
– Mustafa 47053 Eigen- 17
– Mustafa 47228 Fritz-Schröder- 1
– Mustafa 47279 Hermann-Grothe- 8
– Nafiye 47166 August- 22
– Nafiye 47137 Schmidt- 23
– Nafiye 47166 Wittfelder- 165
– Nafiz 47198 Charlotten- 84
– Nazire 47167 Halfmann- 28a
– Nebahat 47226 Gudrun- 2
– Necla 47055 Wanheimer- 339
– Nergiz 47198 Moerser- 8
– Nermin 47139 Drachenfels- 13
– Nermin 47179 Friedrich-Ebert- 94
– Nesibe 47166 Werner- 1
– Nevin 47119 König-Friedr.-Wilh.- 19
– Nevriye 47053 Walzen- 20
– Nezaket 47166 Heinrich- 28
– Nezihe 47166 Kleist- 34
– Nihat 47178 Overbruch- 96
– Nilgün 47169 Hermann- 46
– Nilgün 47166 Sand- 67
– Numan 47055 Wanheimer- 339
– Nur 47226 Ursula- 5
– Nuray 47198 Charlotten- 84
– Nuray 47169 Dahl- 81
– Nuray 47166 Kant- 64
– Nurettin 47279 Rüstern- 40
– Nurettin 47179 Friedrich-Ebert- 94
– Nuri 47166 Diesel- 17
– Nurşeher 47169 Sand- 67
– Nurten 47178 Loh- 29
– Önal 47178 Loh- 27
– Nusret 47178 Loh- 29
– Ömer 47166 Gustav- 8
– Özer 47228 Feld- 13
– Özlem 47053 Tiergarten- 38
– Özlem 47055 Wanheimer- 339
– Özlem 47137 Neubreisacher- 33b
– Osman 47169 Agnes- 25
– Osman 47178 Franz-Lenze-Platz 2
Firmen, Gewerbebetriebe usw. nach Namen – siehe gelber Teil	A-DU
